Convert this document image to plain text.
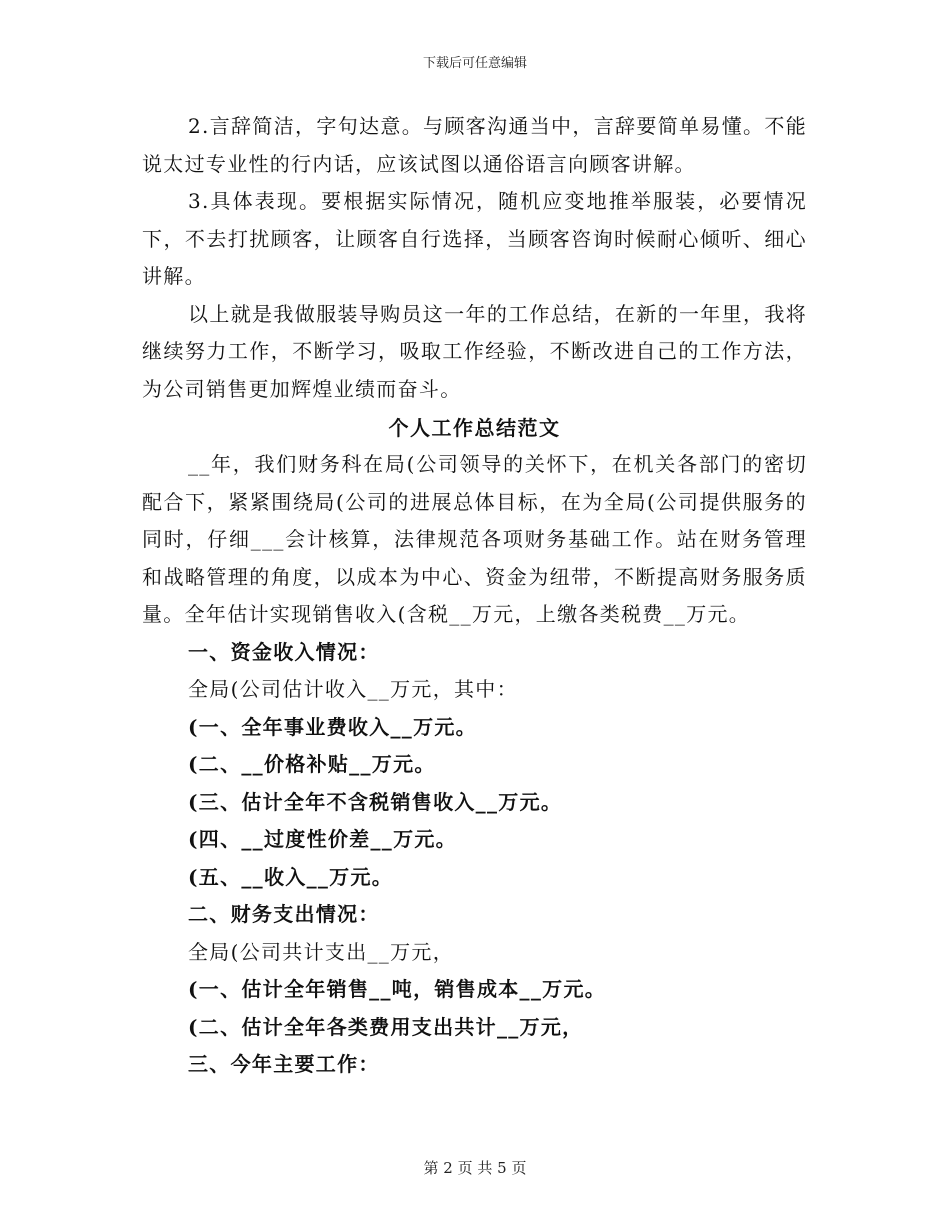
下载后可任意编辑

2.言辞简洁，字句达意。与顾客沟通当中，言辞要简单易懂。不能说太过专业性的行内话，应该试图以通俗语言向顾客讲解。

3.具体表现。要根据实际情况，随机应变地推举服装，必要情况下，不去打扰顾客，让顾客自行选择，当顾客咨询时候耐心倾听、细心讲解。

以上就是我做服装导购员这一年的工作总结，在新的一年里，我将继续努力工作，不断学习，吸取工作经验，不断改进自己的工作方法，为公司销售更加辉煌业绩而奋斗。

个人工作总结范文

__年，我们财务科在局(公司领导的关怀下，在机关各部门的密切配合下，紧紧围绕局(公司的进展总体目标，在为全局(公司提供服务的同时，仔细___会计核算，法律规范各项财务基础工作。站在财务管理和战略管理的角度，以成本为中心、资金为纽带，不断提高财务服务质量。全年估计实现销售收入(含税__万元，上缴各类税费__万元。

一、资金收入情况：

全局(公司估计收入__万元，其中：

(一、全年事业费收入__万元。

(二、__价格补贴__万元。

(三、估计全年不含税销售收入__万元。

(四、__过度性价差__万元。

(五、__收入__万元。

二、财务支出情况：

全局(公司共计支出__万元，

(一、估计全年销售__吨，销售成本__万元。

(二、估计全年各类费用支出共计__万元，

三、今年主要工作：

第 2 页 共 5 页
